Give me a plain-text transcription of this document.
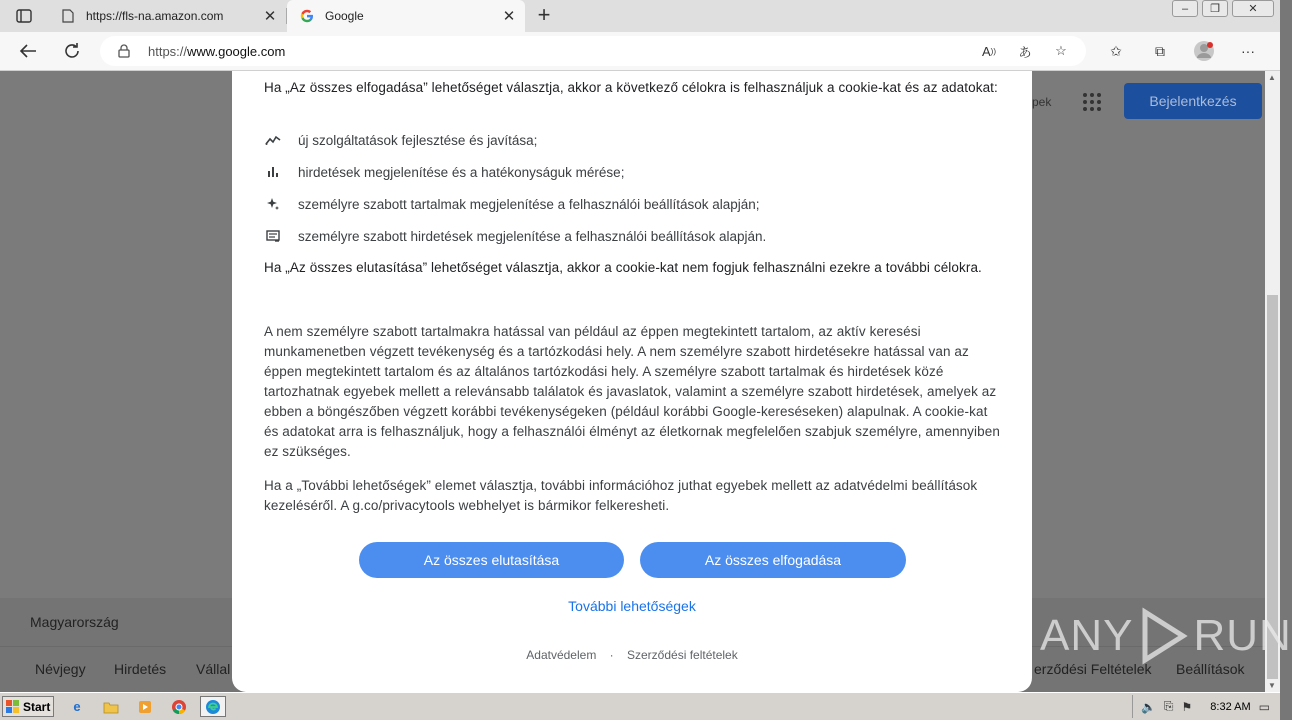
https://fls-na.amazon.com	✕	Google	✕ +	‒	❐	✕
https://www.google.com	A ))	あ	☆	✩	⧉	···
pek	Bejelentkezés
Magyarország
Névjegy Hirdetés Vállal	erződési Feltételek Beállítások
▲
▼
Ha „Az összes elfogadása” lehetőséget választja, akkor a következő célokra is felhasználjuk a cookie-kat és az adatokat:
új szolgáltatások fejlesztése és javítása;
hirdetések megjelenítése és a hatékonyságuk mérése;
személyre szabott tartalmak megjelenítése a felhasználói beállítások alapján;
személyre szabott hirdetések megjelenítése a felhasználói beállítások alapján.
Ha „Az összes elutasítása” lehetőséget választja, akkor a cookie-kat nem fogjuk felhasználni ezekre a további célokra.
A nem személyre szabott tartalmakra hatással van például az éppen megtekintett tartalom, az aktív keresési munkamenetben végzett tevékenység és a tartózkodási hely. A nem személyre szabott hirdetésekre hatással van az éppen megtekintett tartalom és az általános tartózkodási hely. A személyre szabott tartalmak és hirdetések közé tartozhatnak egyebek mellett a relevánsabb találatok és javaslatok, valamint a személyre szabott hirdetések, amelyek az ebben a böngészőben végzett korábbi tevékenységeken (például korábbi Google-kereséseken) alapulnak. A cookie-kat és adatokat arra is felhasználjuk, hogy a felhasználói élményt az életkornak megfelelően szabjuk személyre, amennyiben ez szükséges.
Ha a „További lehetőségek” elemet választja, további információhoz juthat egyebek mellett az adatvédelmi beállítások kezeléséről. A g.co/privacytools webhelyet is bármikor felkeresheti.
Az összes elutasítása	Az összes elfogadása
További lehetőségek
Adatvédelem · Szerződési feltételek	ANY RUN
Start	e	🔈 ⎘ ⚑ 8:32 AM ▭
